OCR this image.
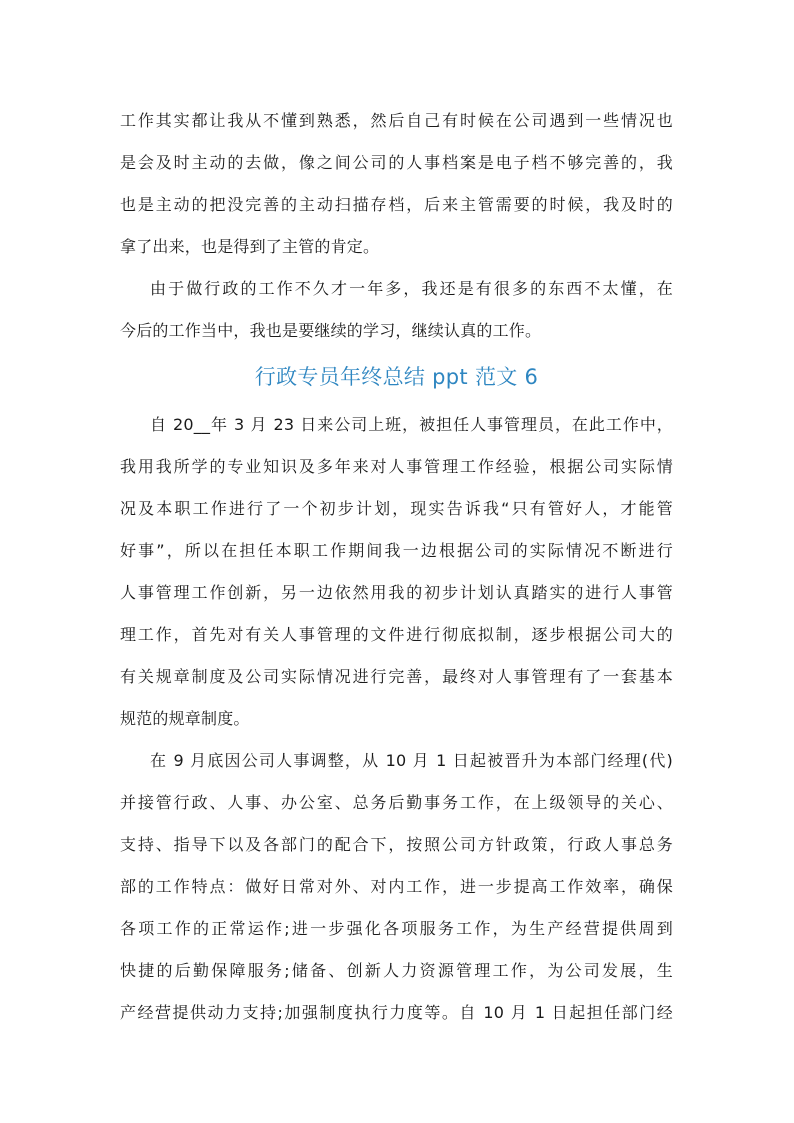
工作其实都让我从不懂到熟悉，然后自己有时候在公司遇到一些情况也
是会及时主动的去做，像之间公司的人事档案是电子档不够完善的，我
也是主动的把没完善的主动扫描存档，后来主管需要的时候，我及时的
拿了出来，也是得到了主管的肯定。
由于做行政的工作不久才一年多，我还是有很多的东西不太懂，在
今后的工作当中，我也是要继续的学习，继续认真的工作。
行政专员年终总结 ppt 范文 6
自 20__年 3 月 23 日来公司上班，被担任人事管理员，在此工作中，
我用我所学的专业知识及多年来对人事管理工作经验，根据公司实际情
况及本职工作进行了一个初步计划，现实告诉我“只有管好人，才能管
好事”，所以在担任本职工作期间我一边根据公司的实际情况不断进行
人事管理工作创新，另一边依然用我的初步计划认真踏实的进行人事管
理工作，首先对有关人事管理的文件进行彻底拟制，逐步根据公司大的
有关规章制度及公司实际情况进行完善，最终对人事管理有了一套基本
规范的规章制度。
在 9 月底因公司人事调整，从 10 月 1 日起被晋升为本部门经理(代)
并接管行政、人事、办公室、总务后勤事务工作，在上级领导的关心、
支持、指导下以及各部门的配合下，按照公司方针政策，行政人事总务
部的工作特点：做好日常对外、对内工作，进一步提高工作效率，确保
各项工作的正常运作;进一步强化各项服务工作，为生产经营提供周到
快捷的后勤保障服务;储备、创新人力资源管理工作，为公司发展，生
产经营提供动力支持;加强制度执行力度等。自 10 月 1 日起担任部门经
